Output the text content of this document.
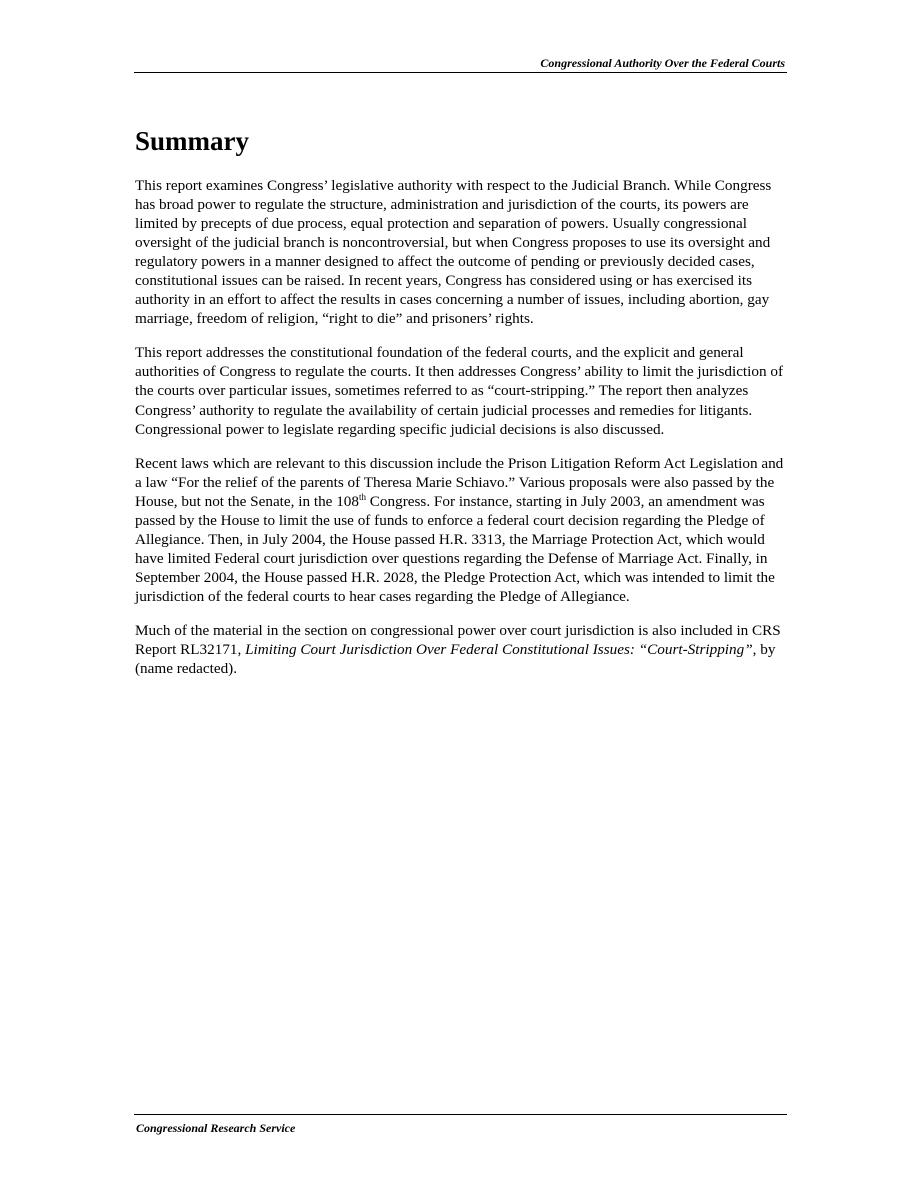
Congressional Authority Over the Federal Courts
Summary

This report examines Congress’ legislative authority with respect to the Judicial Branch. While Congress has broad power to regulate the structure, administration and jurisdiction of the courts, its powers are limited by precepts of due process, equal protection and separation of powers. Usually congressional oversight of the judicial branch is noncontroversial, but when Congress proposes to use its oversight and regulatory powers in a manner designed to affect the outcome of pending or previously decided cases, constitutional issues can be raised. In recent years, Congress has considered using or has exercised its authority in an effort to affect the results in cases concerning a number of issues, including abortion, gay marriage, freedom of religion, “right to die” and prisoners’ rights.

This report addresses the constitutional foundation of the federal courts, and the explicit and general authorities of Congress to regulate the courts. It then addresses Congress’ ability to limit the jurisdiction of the courts over particular issues, sometimes referred to as “court-stripping.” The report then analyzes Congress’ authority to regulate the availability of certain judicial processes and remedies for litigants. Congressional power to legislate regarding specific judicial decisions is also discussed.

Recent laws which are relevant to this discussion include the Prison Litigation Reform Act Legislation and a law “For the relief of the parents of Theresa Marie Schiavo.” Various proposals were also passed by the House, but not the Senate, in the 108th Congress. For instance, starting in July 2003, an amendment was passed by the House to limit the use of funds to enforce a federal court decision regarding the Pledge of Allegiance. Then, in July 2004, the House passed H.R. 3313, the Marriage Protection Act, which would have limited Federal court jurisdiction over questions regarding the Defense of Marriage Act. Finally, in September 2004, the House passed H.R. 2028, the Pledge Protection Act, which was intended to limit the jurisdiction of the federal courts to hear cases regarding the Pledge of Allegiance.

Much of the material in the section on congressional power over court jurisdiction is also included in CRS Report RL32171, Limiting Court Jurisdiction Over Federal Constitutional Issues: “Court-Stripping”, by (name redacted).

Congressional Research Service
